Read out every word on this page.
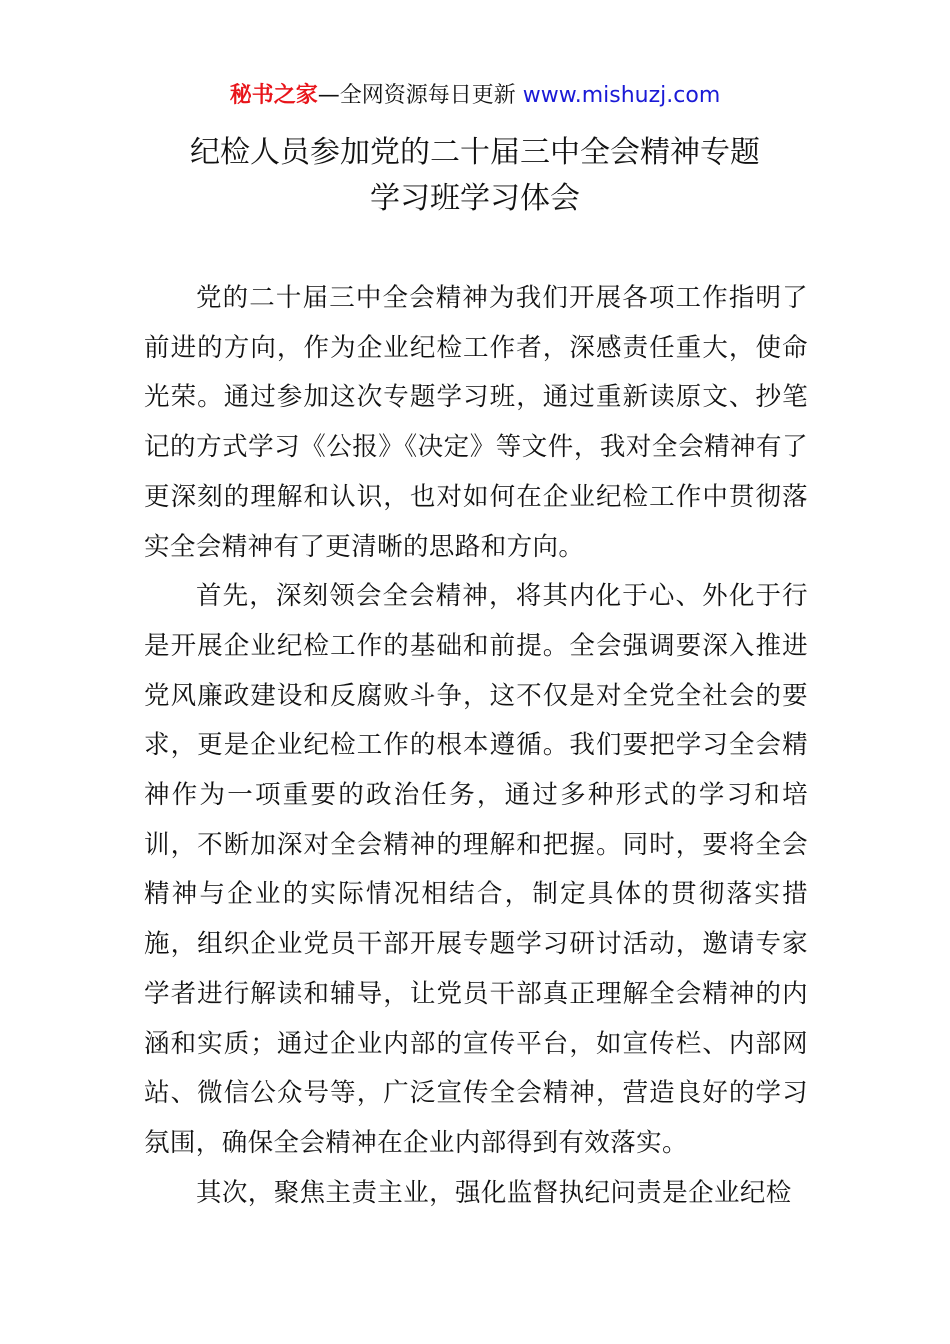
秘书之家—全网资源每日更新 www.mishuzj.com
纪检人员参加党的二十届三中全会精神专题
学习班学习体会

党的二十届三中全会精神为我们开展各项工作指明了前进的方向，作为企业纪检工作者，深感责任重大，使命光荣。通过参加这次专题学习班，通过重新读原文、抄笔记的方式学习《公报》《决定》等文件，我对全会精神有了更深刻的理解和认识，也对如何在企业纪检工作中贯彻落实全会精神有了更清晰的思路和方向。

首先，深刻领会全会精神，将其内化于心、外化于行是开展企业纪检工作的基础和前提。全会强调要深入推进党风廉政建设和反腐败斗争，这不仅是对全党全社会的要求，更是企业纪检工作的根本遵循。我们要把学习全会精神作为一项重要的政治任务，通过多种形式的学习和培训，不断加深对全会精神的理解和把握。同时，要将全会精神与企业的实际情况相结合，制定具体的贯彻落实措施，组织企业党员干部开展专题学习研讨活动，邀请专家学者进行解读和辅导，让党员干部真正理解全会精神的内涵和实质；通过企业内部的宣传平台，如宣传栏、内部网站、微信公众号等，广泛宣传全会精神，营造良好的学习氛围，确保全会精神在企业内部得到有效落实。

其次，聚焦主责主业，强化监督执纪问责是企业纪检
